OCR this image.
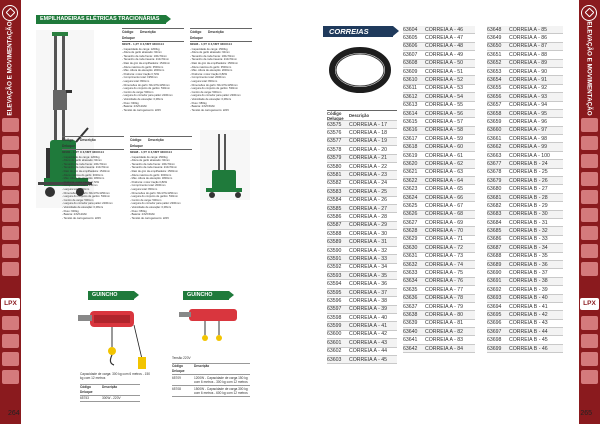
ELEVAÇÃO E MOVIMENTAÇÃO
LPX
264
ELEVAÇÃO E MOVIMENTAÇÃO
LPX
265
EMPILHADEIRAS ELÉTRICAS TRACIONÁRIAS
Código Deluque
Descrição
82978 - 1,2T X 3,5MT 330X114
- Capacidade de carga: 1200kg
- Altura de garfo abaixado: 90mm
- Tamanho da roda frente: 100x70mm
- Tamanho da roda traseira: 210x70mm
- Raio de giro da empilhadeira: 1540mm
- Altura máxima do garfo: 3500mm
- Máx. Altura de elevação: 2000mm
- Potência: motor tração 0,7kW
- Comprimento total: 1950mm
- Largura total: 800mm
- Dimensões do garfo: 60x170x1150mm
- Largura do conjunto de garfos: 530mm
- Centro de carga: 500mm
- Largura do corredor para pallet: 2200mm
- Velocidade de elevação: 0,08m/s
- Peso: 630kg
- Bateria: 24V/120Ah
- Tensão de carregamento: 220V
Código Deluque
Descrição
82996 - 1,5T X 3,5MT 330X114
- Capacidade de carga: 1500kg
- Altura de garfo abaixado: 90mm
- Tamanho da roda frente: 100x70mm
- Tamanho da roda traseira: 210x70mm
- Raio de giro da empilhadeira: 1560mm
- Altura máxima do garfo: 3500mm
- Máx. Altura de elevação: 2000mm
- Potência: motor tração 0,8kW
- Comprimento total: 2000mm
- Largura total: 800mm
- Dimensões do garfo: 60x170x1150mm
- Largura do conjunto de garfos: 530mm
- Centro de carga: 500mm
- Largura do corredor para pallet: 2300mm
- Velocidade de elevação: 0,08m/s
- Peso: 680kg
- Bateria: 24V/150Ah
- Tensão de carregamento: 220V
Código Deluque
Descrição
82980 - 1,2T X 3,5MT 330X114
- Capacidade de carga: 1200kg
- Altura de garfo abaixado: 90mm
- Tamanho da roda frente: 100x70mm
- Tamanho da roda traseira: 210x70mm
- Raio de giro da empilhadeira: 1540mm
- Altura máxima do garfo: 3000mm
- Máx. Altura de elevação: 1800mm
- Potência: motor tração 0,7kW
- Comprimento total: 1950mm
- Largura total: 800mm
- Dimensões do garfo: 60x170x1150mm
- Largura do conjunto de garfos: 530mm
- Centro de carga: 500mm
- Largura do corredor para pallet: 2200mm
- Velocidade de elevação: 0,08m/s
- Peso: 600kg
- Bateria: 24V/120Ah
- Tensão de carregamento: 220V
Código Deluque
Descrição
82998 - 1,5T X 3,5MT 330X114
- Capacidade de carga: 1500kg
- Altura de garfo abaixado: 90mm
- Tamanho da roda frente: 100x70mm
- Tamanho da roda traseira: 210x70mm
- Raio de giro da empilhadeira: 1560mm
- Altura máxima do garfo: 3000mm
- Máx. Altura de elevação: 1800mm
- Potência: motor tração 0,8kW
- Comprimento total: 2000mm
- Largura total: 800mm
- Dimensões do garfo: 60x170x1150mm
- Largura do conjunto de garfos: 530mm
- Centro de carga: 500mm
- Largura do corredor para pallet: 2300mm
- Velocidade de elevação: 0,08m/s
- Peso: 650kg
- Bateria: 24V/150Ah
- Tensão de carregamento: 220V
GUINCHO	GUINCHO
Capacidade de carga: 300 kg com 6 metros - 150 kg com 12 metros
Código Deluque
Descrição
65753	300W - 220V
Tensão 220V
Código Deluque
Descrição
65709	1200W - Capacidade de carga 150 kg com 6 metros - 300 kg com 12 metros
65708	1500W - Capacidade de carga 300 kg com 6 metros - 600 kg com 12 metros
CORREIAS
Código Deluque	Descrição
63575	CORREIA A - 17
63576	CORREIA A - 18
63577	CORREIA A - 19
63578	CORREIA A - 20
63579	CORREIA A - 21
63580	CORREIA A - 22
63581	CORREIA A - 23
63582	CORREIA A - 24
63583	CORREIA A - 25
63584	CORREIA A - 26
63585	CORREIA A - 27
63586	CORREIA A - 28
63587	CORREIA A - 29
63588	CORREIA A - 30
63589	CORREIA A - 31
63590	CORREIA A - 32
63591	CORREIA A - 33
63592	CORREIA A - 34
63593	CORREIA A - 35
63594	CORREIA A - 36
63595	CORREIA A - 37
63596	CORREIA A - 38
63597	CORREIA A - 39
63598	CORREIA A - 40
63599	CORREIA A - 41
63600	CORREIA A - 42
63601	CORREIA A - 43
63602	CORREIA A - 44
63603	CORREIA A - 45
63604	CORREIA A - 46
63605	CORREIA A - 47
63606	CORREIA A - 48
63607	CORREIA A - 49
63608	CORREIA A - 50
63609	CORREIA A - 51
63610	CORREIA A - 52
63611	CORREIA A - 53
63612	CORREIA A - 54
63613	CORREIA A - 55
63614	CORREIA A - 56
63615	CORREIA A - 57
63616	CORREIA A - 58
63617	CORREIA A - 59
63618	CORREIA A - 60
63619	CORREIA A - 61
63620	CORREIA A - 62
63621	CORREIA A - 63
63622	CORREIA A - 64
63623	CORREIA A - 65
63624	CORREIA A - 66
63625	CORREIA A - 67
63626	CORREIA A - 68
63627	CORREIA A - 69
63628	CORREIA A - 70
63629	CORREIA A - 71
63630	CORREIA A - 72
63631	CORREIA A - 73
63632	CORREIA A - 74
63633	CORREIA A - 75
63634	CORREIA A - 76
63635	CORREIA A - 77
63636	CORREIA A - 78
63637	CORREIA A - 79
63638	CORREIA A - 80
63639	CORREIA A - 81
63640	CORREIA A - 82
63641	CORREIA A - 83
63642	CORREIA A - 84
63648	CORREIA A - 85
63649	CORREIA A - 86
63650	CORREIA A - 87
63651	CORREIA A - 88
63652	CORREIA A - 89
63653	CORREIA A - 90
63654	CORREIA A - 91
63655	CORREIA A - 92
63656	CORREIA A - 93
63657	CORREIA A - 94
63658	CORREIA A - 95
63659	CORREIA A - 96
63660	CORREIA A - 97
63661	CORREIA A - 98
63662	CORREIA A - 99
63663	CORREIA A - 100
63677	CORREIA B - 24
63678	CORREIA B - 25
63679	CORREIA B - 26
63680	CORREIA B - 27
63681	CORREIA B - 28
63682	CORREIA B - 29
63683	CORREIA B - 30
63684	CORREIA B - 31
63685	CORREIA B - 32
63686	CORREIA B - 33
63687	CORREIA B - 34
63688	CORREIA B - 35
63689	CORREIA B - 36
63690	CORREIA B - 37
63691	CORREIA B - 38
63692	CORREIA B - 39
63693	CORREIA B - 40
63694	CORREIA B - 41
63695	CORREIA B - 42
63696	CORREIA B - 43
63697	CORREIA B - 44
63698	CORREIA B - 45
63699	CORREIA B - 46
